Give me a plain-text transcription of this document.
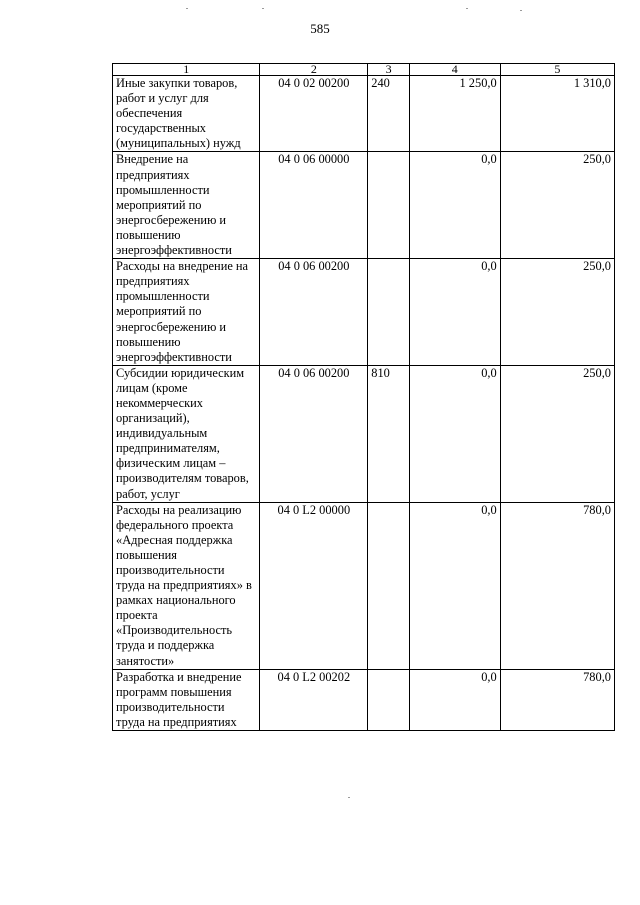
585
1	2	3	4	5
Иные закупки товаров, работ и услуг для обеспечения государственных (муниципальных) нужд	04 0 02 00200	240	1 250,0	1 310,0
Внедрение на предприятиях промышленности мероприятий по энергосбережению и повышению энергоэффективности	04 0 06 00000		0,0	250,0
Расходы на внедрение на предприятиях промышленности мероприятий по энергосбережению и повышению энергоэффективности	04 0 06 00200		0,0	250,0
Субсидии юридическим лицам (кроме некоммерческих организаций), индивидуальным предпринимателям, физическим лицам – производителям товаров, работ, услуг	04 0 06 00200	810	0,0	250,0
Расходы на реализацию федерального проекта «Адресная поддержка повышения производительности труда на предприятиях» в рамках национального проекта «Производительность труда и поддержка занятости»	04 0 L2 00000		0,0	780,0
Разработка и внедрение программ повышения производительности труда на предприятиях	04 0 L2 00202		0,0	780,0
